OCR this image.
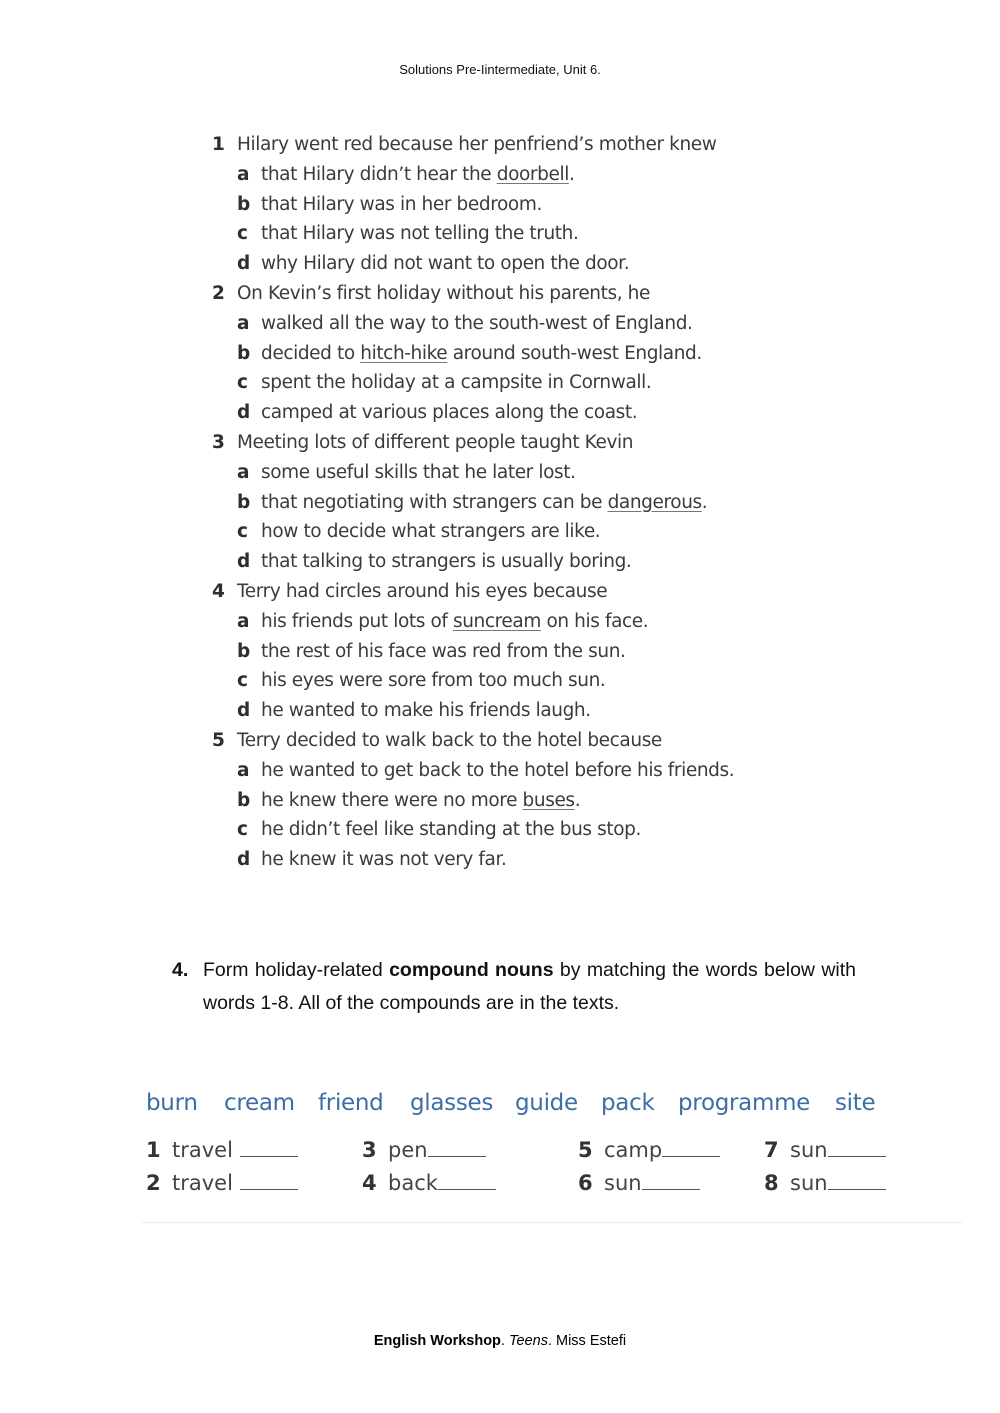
Solutions Pre-Iintermediate, Unit 6.
1 Hilary went red because her penfriend’s mother knew
a that Hilary didn’t hear the doorbell.
b that Hilary was in her bedroom.
c that Hilary was not telling the truth.
d why Hilary did not want to open the door.
2 On Kevin’s first holiday without his parents, he
a walked all the way to the south-west of England.
b decided to hitch-hike around south-west England.
c spent the holiday at a campsite in Cornwall.
d camped at various places along the coast.
3 Meeting lots of different people taught Kevin
a some useful skills that he later lost.
b that negotiating with strangers can be dangerous.
c how to decide what strangers are like.
d that talking to strangers is usually boring.
4 Terry had circles around his eyes because
a his friends put lots of suncream on his face.
b the rest of his face was red from the sun.
c his eyes were sore from too much sun.
d he wanted to make his friends laugh.
5 Terry decided to walk back to the hotel because
a he wanted to get back to the hotel before his friends.
b he knew there were no more buses.
c he didn’t feel like standing at the bus stop.
d he knew it was not very far.
4. Form holiday-related compound nouns by matching the words below with words 1-8. All of the compounds are in the texts.
burn cream friend glasses guide pack programme site
1 travel
2 travel
3 pen
4 back
5 camp
6 sun
7 sun
8 sun
English Workshop. Teens. Miss Estefi
